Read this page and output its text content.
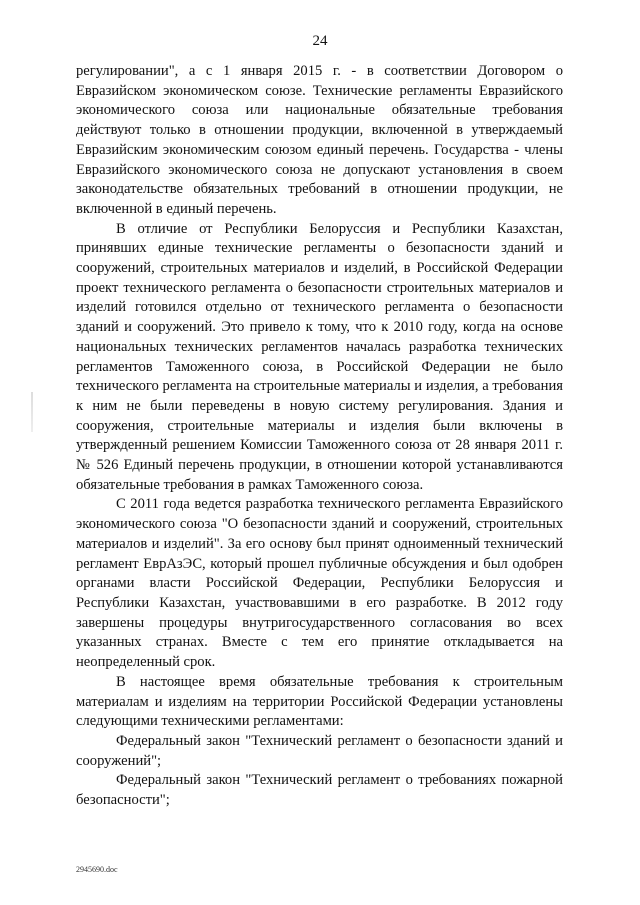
24

регулировании", а с 1 января 2015 г. - в соответствии Договором о Евразийском экономическом союзе. Технические регламенты Евразийского экономического союза или национальные обязательные требования действуют только в отношении продукции, включенной в утверждаемый Евразийским экономическим союзом единый перечень. Государства - члены Евразийского экономического союза не допускают установления в своем законодательстве обязательных требований в отношении продукции, не включенной в единый перечень.

В отличие от Республики Белоруссия и Республики Казахстан, принявших единые технические регламенты о безопасности зданий и сооружений, строительных материалов и изделий, в Российской Федерации проект технического регламента о безопасности строительных материалов и изделий готовился отдельно от технического регламента о безопасности зданий и сооружений. Это привело к тому, что к 2010 году, когда на основе национальных технических регламентов началась разработка технических регламентов Таможенного союза, в Российской Федерации не было технического регламента на строительные материалы и изделия, а требования к ним не были переведены в новую систему регулирования. Здания и сооружения, строительные материалы и изделия были включены в утвержденный решением Комиссии Таможенного союза от 28 января 2011 г. № 526 Единый перечень продукции, в отношении которой устанавливаются обязательные требования в рамках Таможенного союза.

С 2011 года ведется разработка технического регламента Евразийского экономического союза "О безопасности зданий и сооружений, строительных материалов и изделий". За его основу был принят одноименный технический регламент ЕврАзЭС, который прошел публичные обсуждения и был одобрен органами власти Российской Федерации, Республики Белоруссия и Республики Казахстан, участвовавшими в его разработке. В 2012 году завершены процедуры внутригосударственного согласования во всех указанных странах. Вместе с тем его принятие откладывается на неопределенный срок.

В настоящее время обязательные требования к строительным материалам и изделиям на территории Российской Федерации установлены следующими техническими регламентами:

Федеральный закон "Технический регламент о безопасности зданий и сооружений";

Федеральный закон "Технический регламент о требованиях пожарной безопасности";

2945690.doc
